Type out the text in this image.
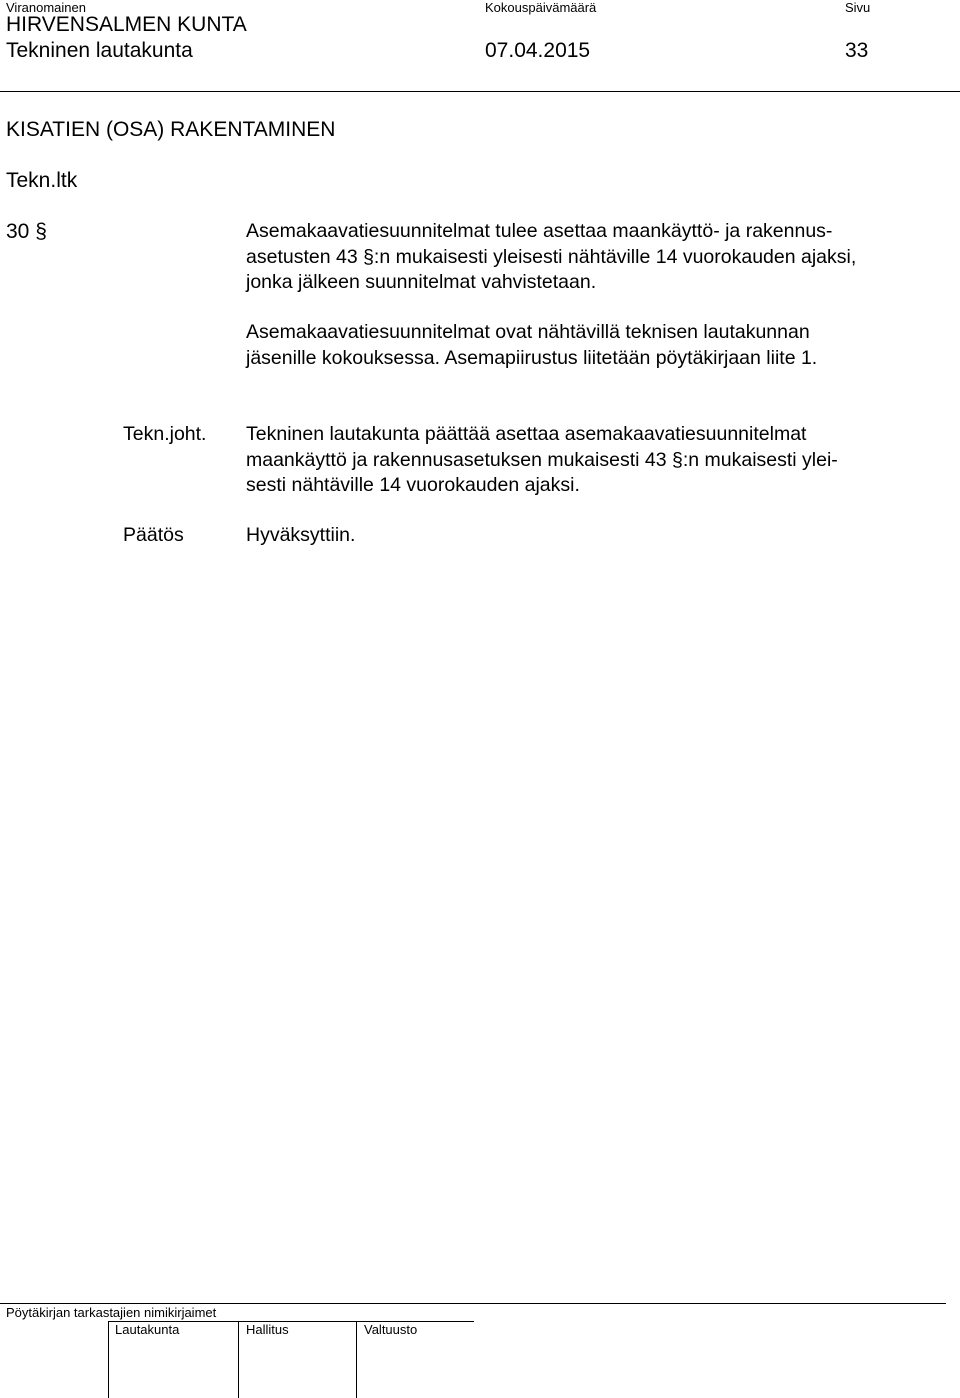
Viranomainen	Kokouspäivämäärä	Sivu
HIRVENSALMEN KUNTA
Tekninen lautakunta	07.04.2015	33
KISATIEN (OSA) RAKENTAMINEN
Tekn.ltk
30 §	Asemakaavatiesuunnitelmat tulee asettaa maankäyttö- ja rakennus-
asetusten 43 §:n mukaisesti yleisesti nähtäville 14 vuorokauden ajaksi,
jonka jälkeen suunnitelmat vahvistetaan.
Asemakaavatiesuunnitelmat ovat nähtävillä teknisen lautakunnan
jäsenille kokouksessa. Asemapiirustus liitetään pöytäkirjaan liite 1.
Tekn.joht. Tekninen lautakunta päättää asettaa asemakaavatiesuunnitelmat
maankäyttö ja rakennusasetuksen mukaisesti 43 §:n mukaisesti ylei-
sesti nähtäville 14 vuorokauden ajaksi.
Päätös	Hyväksyttiin.
Pöytäkirjan tarkastajien nimikirjaimet
Lautakunta	Hallitus	Valtuusto
